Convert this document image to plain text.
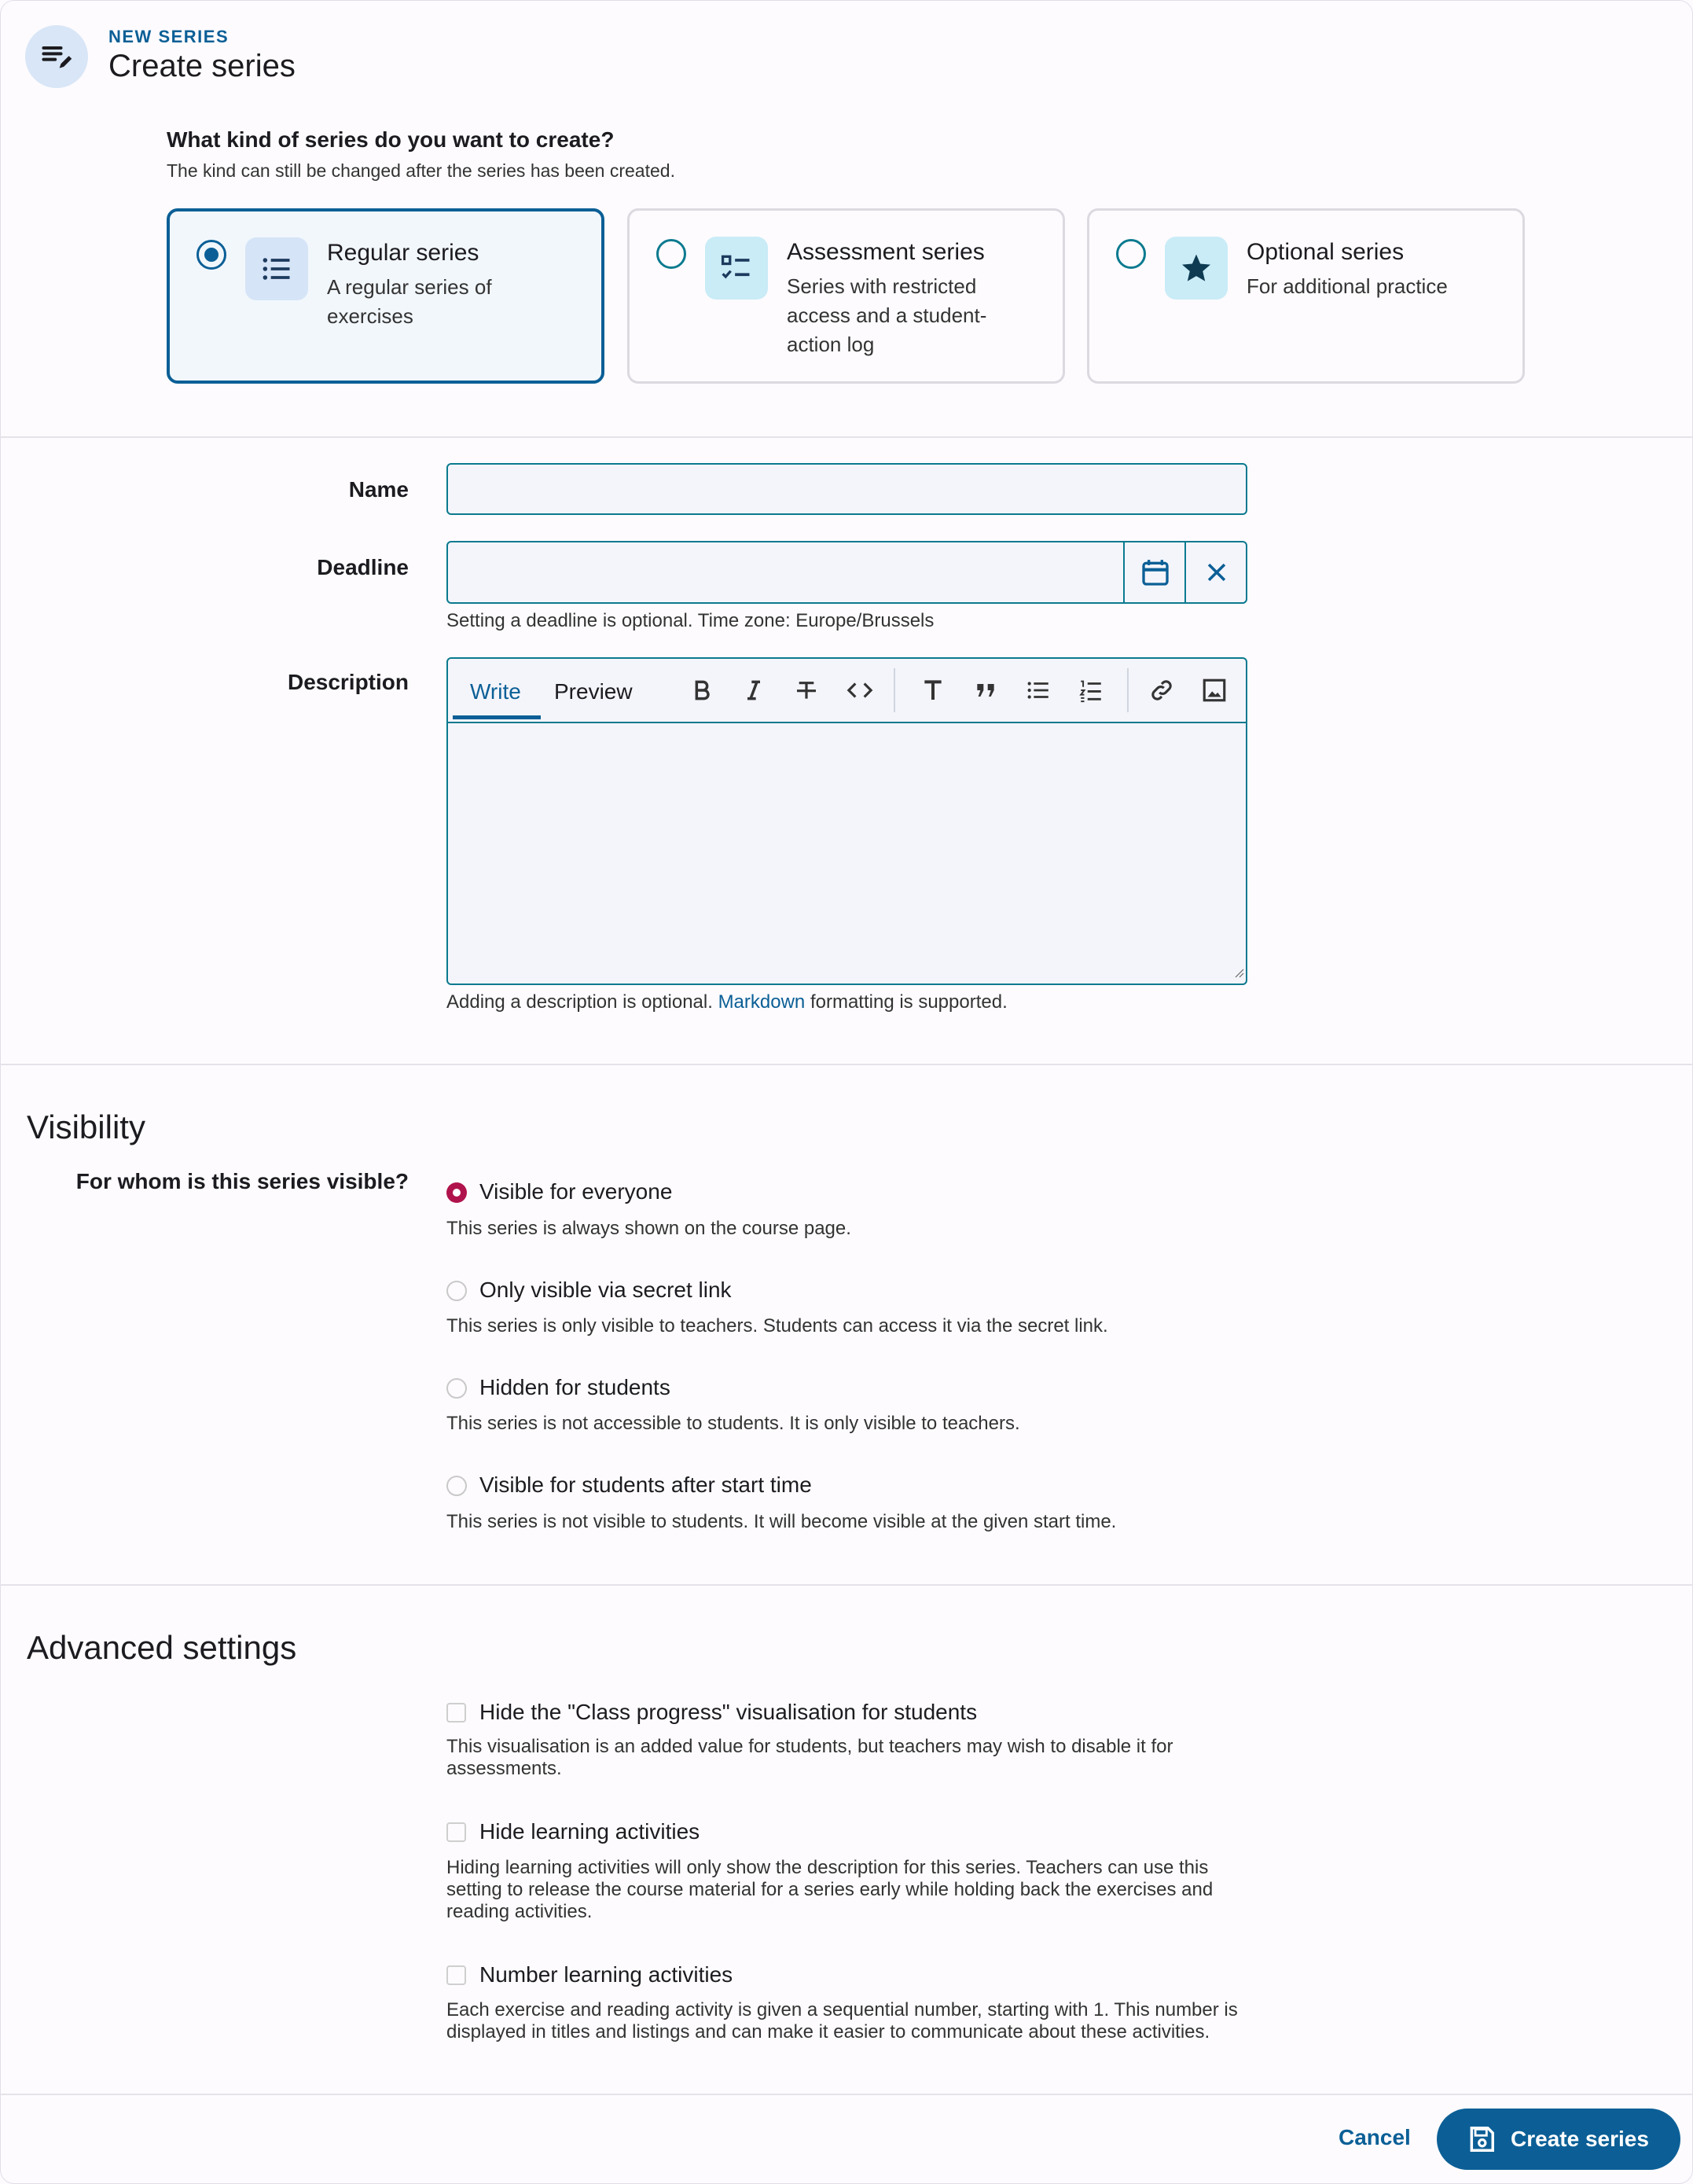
NEW SERIES
Create series
What kind of series do you want to create?
The kind can still be changed after the series has been created.
Regular series
A regular series of exercises
Assessment series
Series with restricted access and a student-action log
Optional series
For additional practice
Name
Deadline
Setting a deadline is optional. Time zone: Europe/Brussels
Description	Write Preview
Adding a description is optional. Markdown formatting is supported.
Visibility
For whom is this series visible?	Visible for everyone
This series is always shown on the course page.
Only visible via secret link
This series is only visible to teachers. Students can access it via the secret link.
Hidden for students
This series is not accessible to students. It is only visible to teachers.
Visible for students after start time
This series is not visible to students. It will become visible at the given start time.
Advanced settings
Hide the "Class progress" visualisation for students
This visualisation is an added value for students, but teachers may wish to disable it for assessments.
Hide learning activities
Hiding learning activities will only show the description for this series. Teachers can use this setting to release the course material for a series early while holding back the exercises and reading activities.
Number learning activities
Each exercise and reading activity is given a sequential number, starting with 1. This number is displayed in titles and listings and can make it easier to communicate about these activities.
Cancel	Create series
